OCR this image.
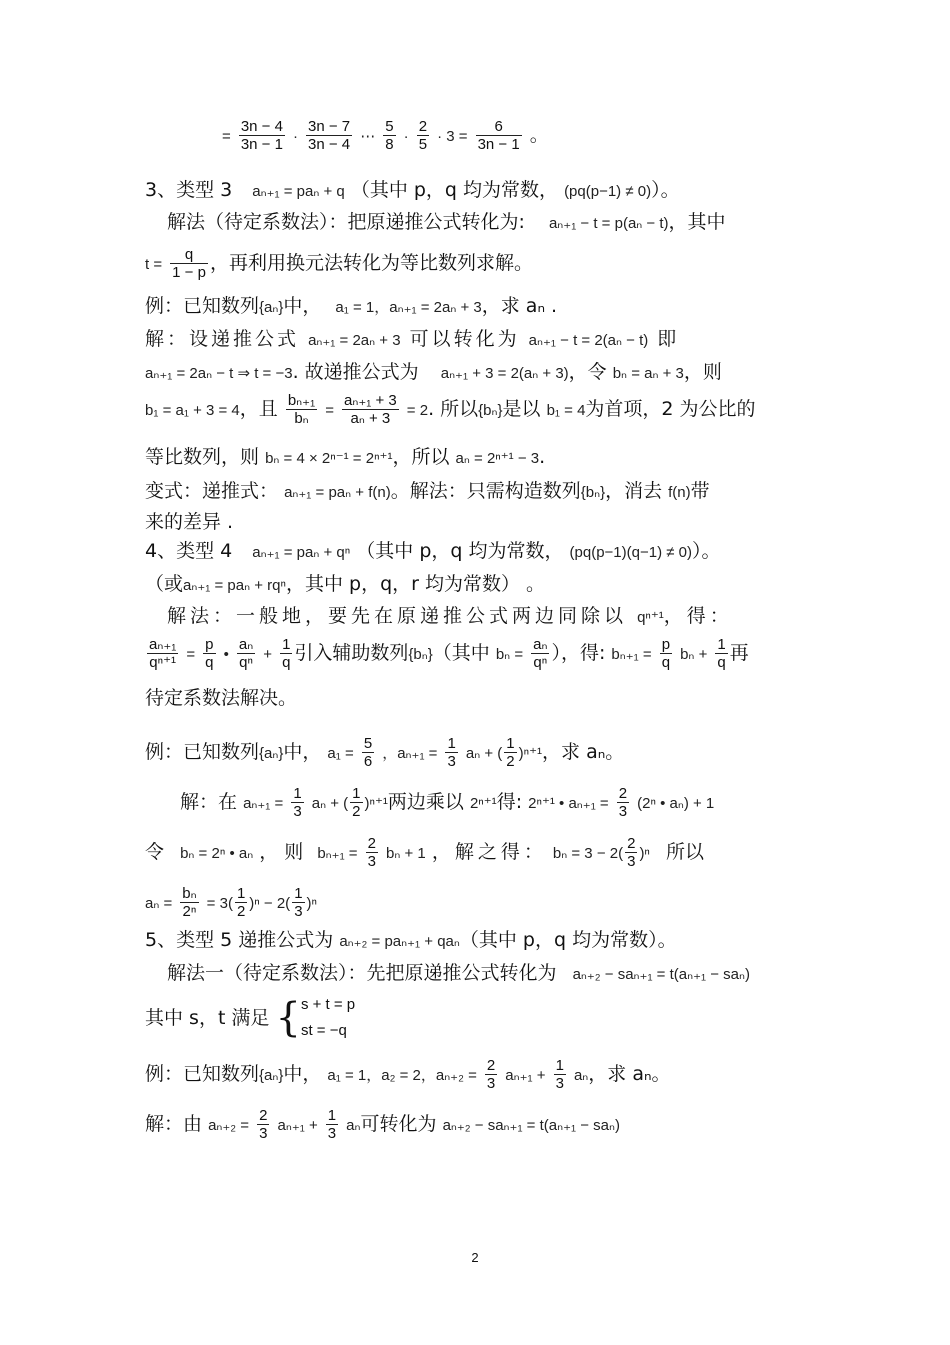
= $\frac{3n - 4}{3n - 1} \cdot \frac{3n - 7}{3n - 4}$ ⋯ $\frac{5}{8} \cdot \frac{2}{5} \cdot 3 = \frac{6}{3n - 1}$ 。
3、类型 3 aₙ₊₁ = paₙ + q （其中 p，q 均为常数， (pq(p−1) ≠ 0)）。
解法（待定系数法）：把原递推公式转化为: aₙ₊₁ − t = p(aₙ − t)，其中
$t = \frac{q}{1 - p}$ ，再利用换元法转化为等比数列求解。
例：已知数列{aₙ}中， a₁ = 1，aₙ₊₁ = 2aₙ + 3，求 aₙ .
解：设递推公式 aₙ₊₁ = 2aₙ + 3 可以转化为 aₙ₊₁ − t = 2(aₙ − t) 即
aₙ₊₁ = 2aₙ − t ⇒ t = −3. 故递推公式为 aₙ₊₁ + 3 = 2(aₙ + 3)，令 bₙ = aₙ + 3，则
b₁ = a₁ + 3 = 4，且 $\frac{\text{bₙ₊₁}}{\text{bₙ}} = \frac{\text{aₙ₊₁ + 3}}{\text{aₙ + 3}} = 2$. 所以{bₙ}是以 b₁ = 4为首项，2 为公比的
等比数列，则 bₙ = 4 × 2ⁿ⁻¹ = 2ⁿ⁺¹，所以 aₙ = 2ⁿ⁺¹ − 3.
变式：递推式： aₙ₊₁ = paₙ + f(n)。解法：只需构造数列{bₙ}，消去 f(n)带
来的差异 .
4、类型 4 aₙ₊₁ = paₙ + qⁿ （其中 p，q 均为常数， (pq(p−1)(q−1) ≠ 0)）。
（或aₙ₊₁ = paₙ + rqⁿ，其中 p，q，r 均为常数） 。
解法：一般地，要先在原递推公式两边同除以 qⁿ⁺¹，得：
$\frac{\text{aₙ₊₁}}{\text{qⁿ⁺¹}} = \frac{p}{q}$ • $\frac{\text{aₙ}}{\text{qⁿ}} + \frac{1}{q}$ 引入辅助数列{bₙ}（其中 $b_n = \frac{\text{aₙ}}{\text{qⁿ}}$ ），得: $b_{n+1} = \frac{p}{q}$ $b_n + \frac{1}{q}$ 再
待定系数法解决。
例：已知数列{aₙ}中， $a_1 = \frac{5}{6}$ ，$a_{n+1} = \frac{1}{3}$ aₙ + ( $\frac{1}{2} )^{n+1}$，求 aₙ。
解：在 $a_{n+1} = \frac{1}{3}$ aₙ + ( $\frac{1}{2} )^{n+1}$两边乘以 2ⁿ⁺¹得: 2ⁿ⁺¹ • $a_{n+1} = \frac{2}{3} (2^n$ • aₙ) + 1
令 bₙ = 2ⁿ • aₙ ， 则 $b_{n+1} = \frac{2}{3}$ bₙ + 1 ，解之得： $b_n = 3 - 2( \frac{2}{3} )^n$ 所以
$a_n = \frac{\text{bₙ}}{\text{2ⁿ}} = 3( \frac{1}{2} )^n - 2( \frac{1}{3} )^n$
5、类型 5 递推公式为 aₙ₊₂ = paₙ₊₁ + qaₙ（其中 p，q 均为常数）。
解法一（待定系数法）：先把原递推公式转化为 aₙ₊₂ − saₙ₊₁ = t(aₙ₊₁ − saₙ)
其中 s，t 满足 { s + t = p
st = −q
例：已知数列{aₙ}中， a₁ = 1，a₂ = 2，$a_{n+2} = \frac{2}{3} a_{n+1} + \frac{1}{3}$ aₙ，求 aₙ。
解：由 $a_{n+2} = \frac{2}{3} a_{n+1} + \frac{1}{3}$ aₙ可转化为 aₙ₊₂ − saₙ₊₁ = t(aₙ₊₁ − saₙ)
2
